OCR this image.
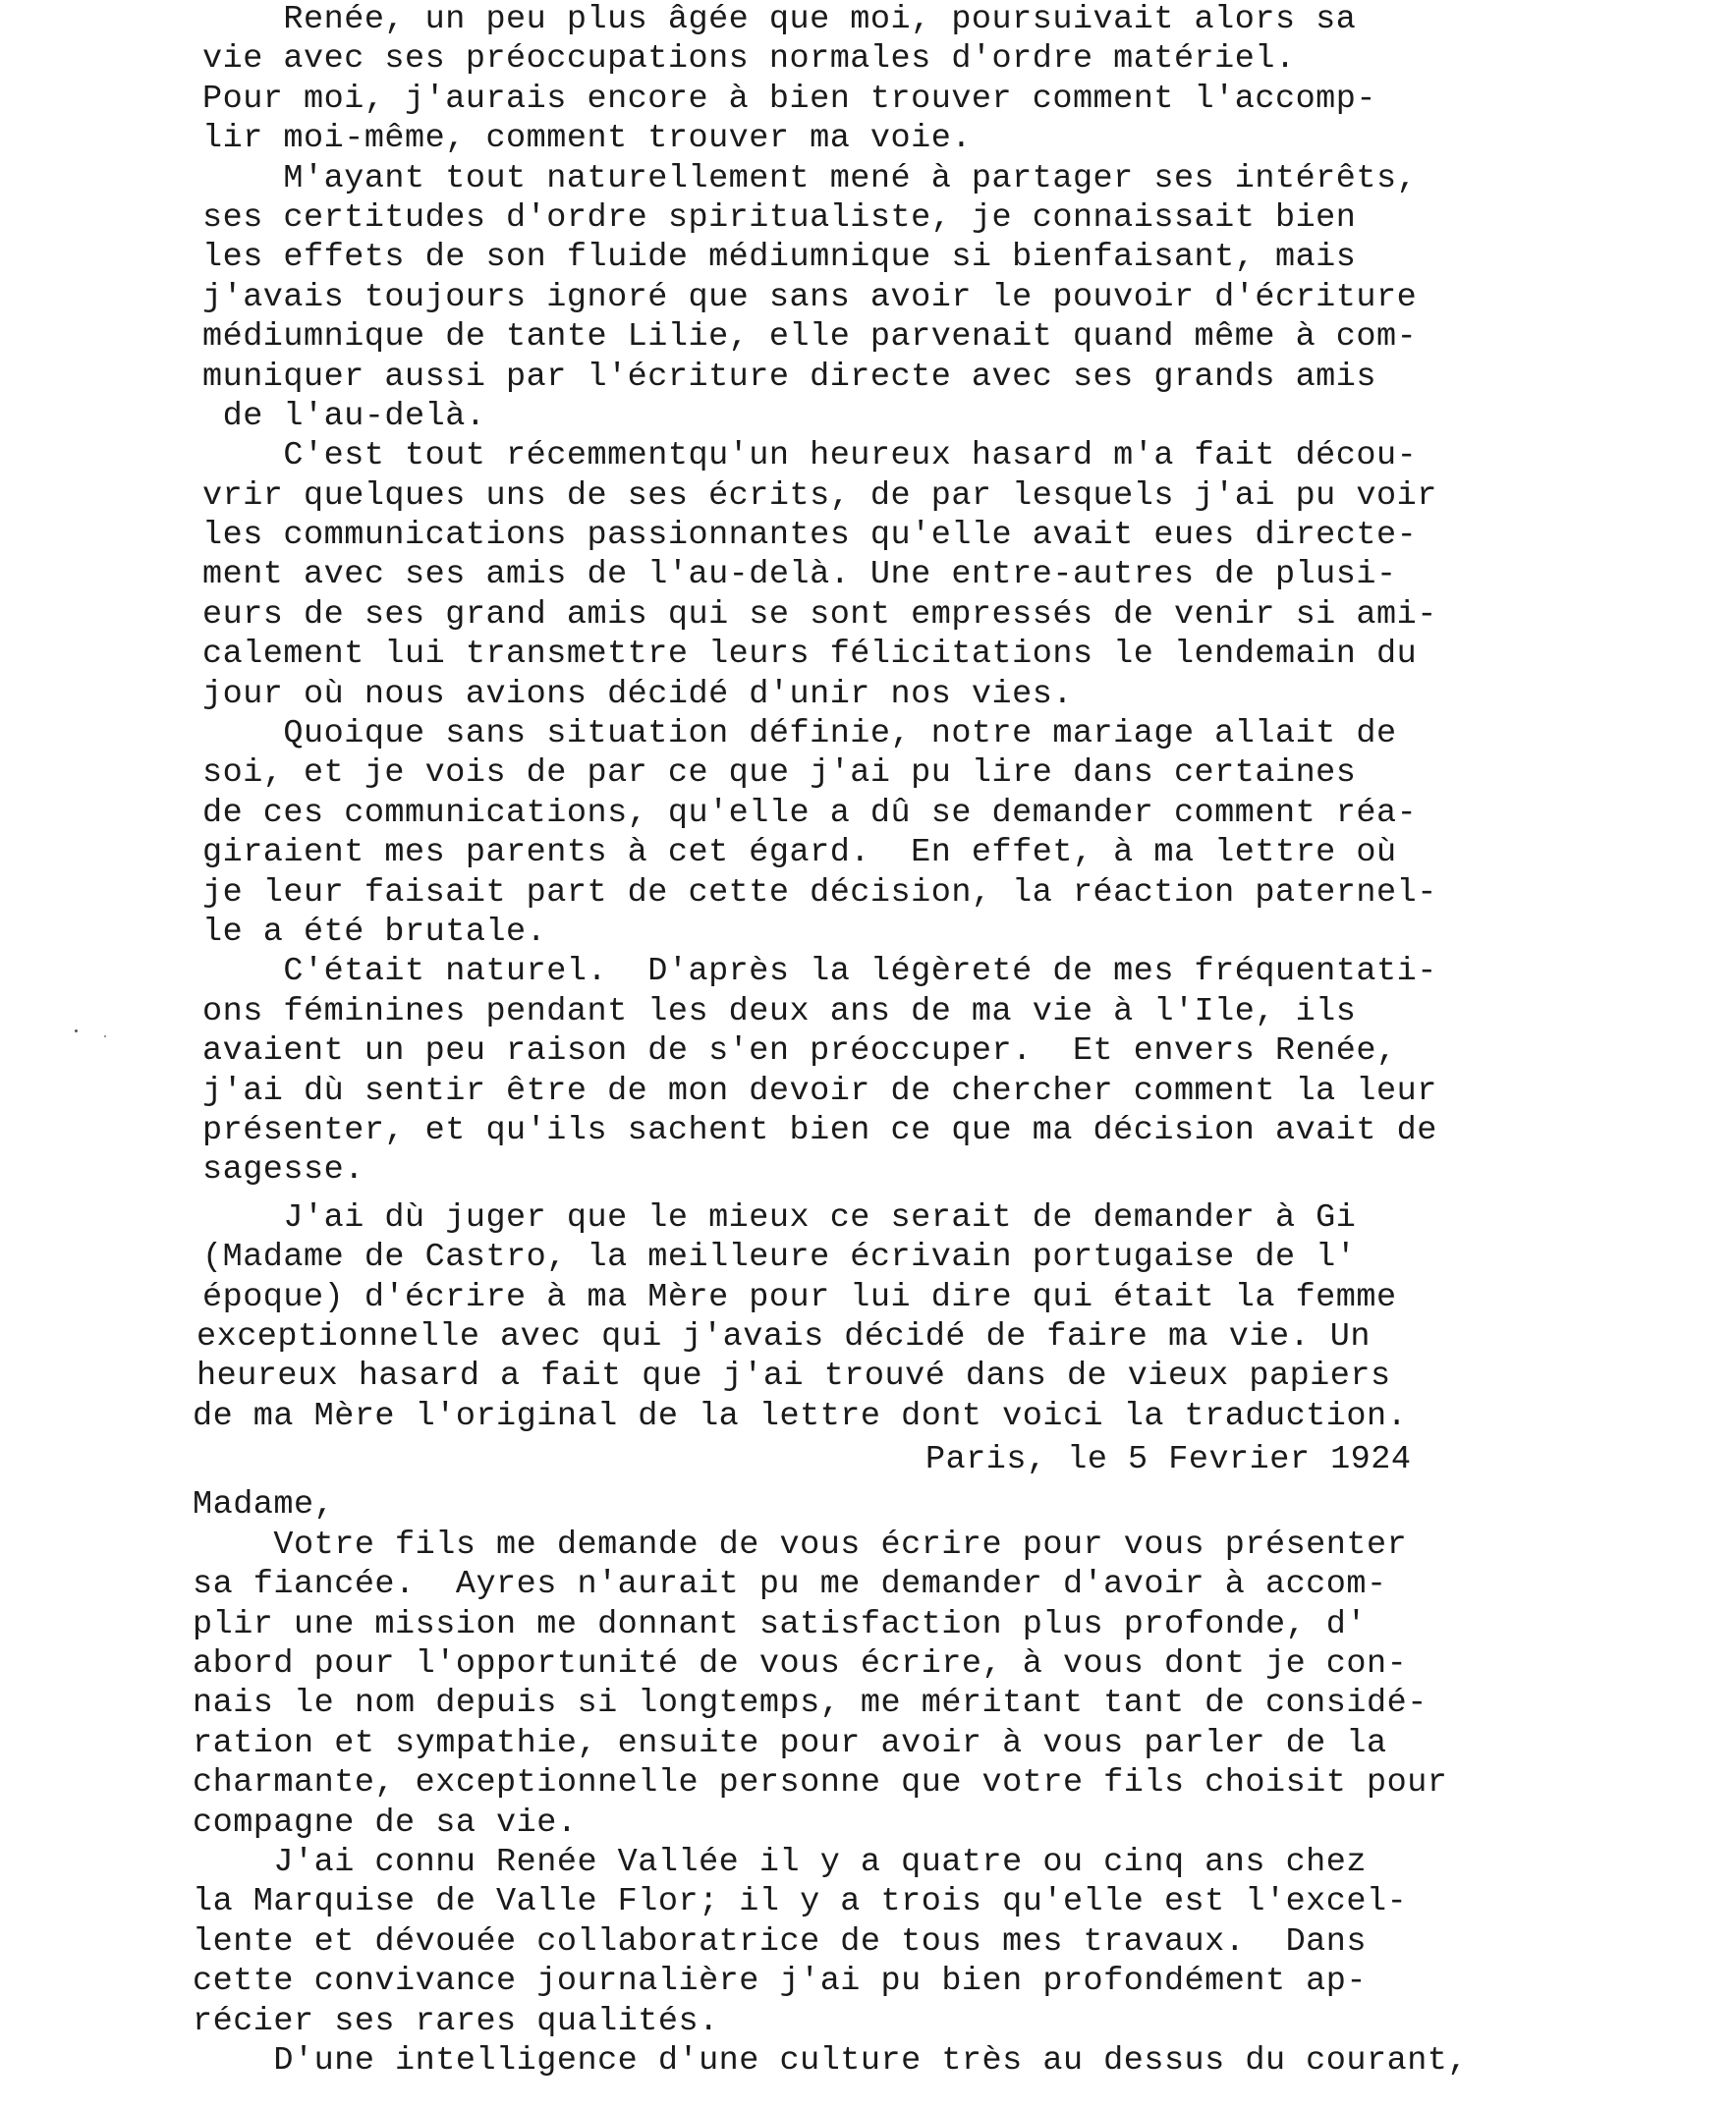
Renée, un peu plus âgée que moi, poursuivait alors sa
vie avec ses préoccupations normales d'ordre matériel.
Pour moi, j'aurais encore à bien trouver comment l'accomp-
lir moi-même, comment trouver ma voie.
M'ayant tout naturellement mené à partager ses intérêts,
ses certitudes d'ordre spiritualiste, je connaissait bien
les effets de son fluide médiumnique si bienfaisant, mais
j'avais toujours ignoré que sans avoir le pouvoir d'écriture
médiumnique de tante Lilie, elle parvenait quand même à com-
muniquer aussi par l'écriture directe avec ses grands amis
de l'au-delà.
C'est tout récemmentqu'un heureux hasard m'a fait décou-
vrir quelques uns de ses écrits, de par lesquels j'ai pu voir
les communications passionnantes qu'elle avait eues directe-
ment avec ses amis de l'au-delà. Une entre-autres de plusi-
eurs de ses grand amis qui se sont empressés de venir si ami-
calement lui transmettre leurs félicitations le lendemain du
jour où nous avions décidé d'unir nos vies.
Quoique sans situation définie, notre mariage allait de
soi, et je vois de par ce que j'ai pu lire dans certaines
de ces communications, qu'elle a dû se demander comment réa-
giraient mes parents à cet égard.  En effet, à ma lettre où
je leur faisait part de cette décision, la réaction paternel-
le a été brutale.
C'était naturel.  D'après la légèreté de mes fréquentati-
ons féminines pendant les deux ans de ma vie à l'Ile, ils
avaient un peu raison de s'en préoccuper.  Et envers Renée,
j'ai dù sentir être de mon devoir de chercher comment la leur
présenter, et qu'ils sachent bien ce que ma décision avait de
sagesse.
J'ai dù juger que le mieux ce serait de demander à Gi
(Madame de Castro, la meilleure écrivain portugaise de l'
époque) d'écrire à ma Mère pour lui dire qui était la femme
exceptionnelle avec qui j'avais décidé de faire ma vie. Un
heureux hasard a fait que j'ai trouvé dans de vieux papiers
de ma Mère l'original de la lettre dont voici la traduction.
Paris, le 5 Fevrier 1924
Madame,
Votre fils me demande de vous écrire pour vous présenter
sa fiancée.  Ayres n'aurait pu me demander d'avoir à accom-
plir une mission me donnant satisfaction plus profonde, d'
abord pour l'opportunité de vous écrire, à vous dont je con-
nais le nom depuis si longtemps, me méritant tant de considé-
ration et sympathie, ensuite pour avoir à vous parler de la
charmante, exceptionnelle personne que votre fils choisit pour
compagne de sa vie.
J'ai connu Renée Vallée il y a quatre ou cinq ans chez
la Marquise de Valle Flor; il y a trois qu'elle est l'excel-
lente et dévouée collaboratrice de tous mes travaux.  Dans
cette convivance journalière j'ai pu bien profondément ap-
récier ses rares qualités.
D'une intelligence d'une culture très au dessus du courant,
